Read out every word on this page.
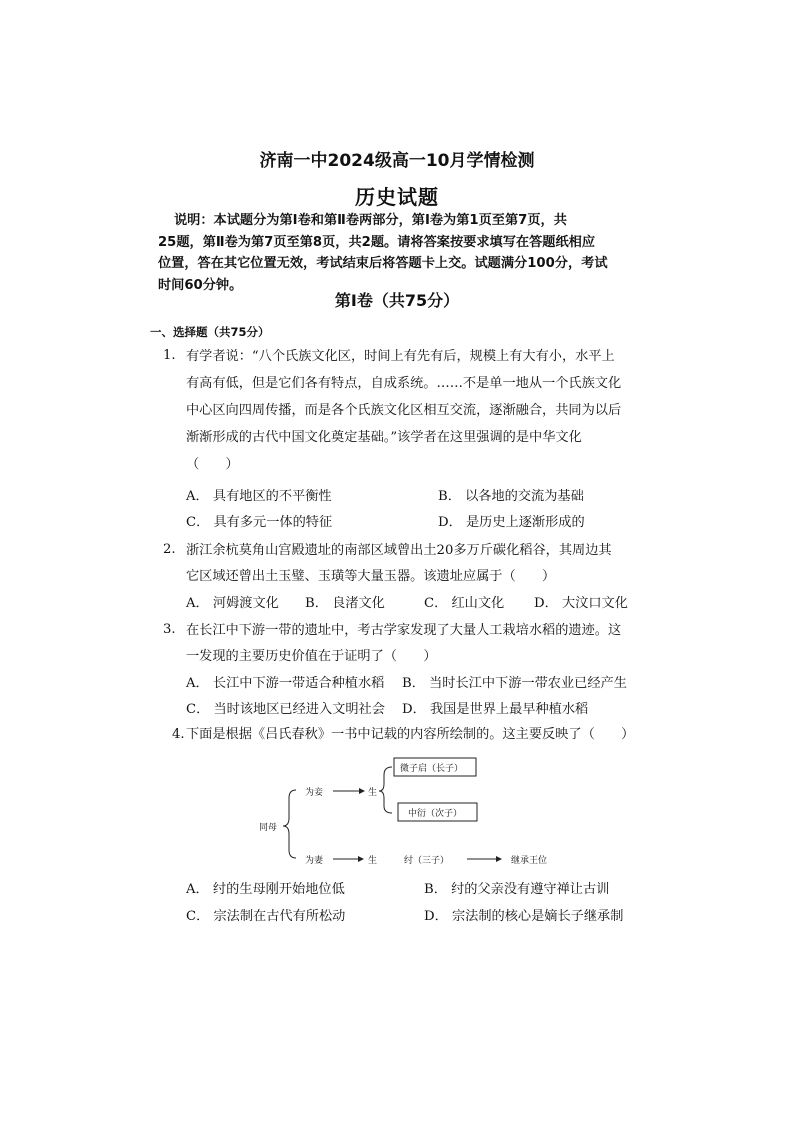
济南一中2024级高一10月学情检测
历史试题

说明：本试题分为第Ⅰ卷和第Ⅱ卷两部分，第Ⅰ卷为第1页至第7页，共

25题，第Ⅱ卷为第7页至第8页，共2题。请将答案按要求填写在答题纸相应

位置，答在其它位置无效，考试结束后将答题卡上交。试题满分100分，考试

时间60分钟。

第Ⅰ卷（共75分）
一、选择题（共75分）
1. 有学者说：“八个氏族文化区，时间上有先有后，规模上有大有小，水平上
有高有低，但是它们各有特点，自成系统。……不是单一地从一个氏族文化
中心区向四周传播，而是各个氏族文化区相互交流，逐渐融合，共同为以后
渐渐形成的古代中国文化奠定基础。”该学者在这里强调的是中华文化
（　　）
A． 具有地区的不平衡性	B． 以各地的交流为基础
C． 具有多元一体的特征	D． 是历史上逐渐形成的
2. 浙江余杭莫角山宫殿遗址的南部区域曾出土20多万斤碳化稻谷，其周边其
它区域还曾出土玉璧、玉璜等大量玉器。该遗址应属于（　　）
A． 河姆渡文化 B． 良渚文化	C． 红山文化 D． 大汶口文化
3. 在长江中下游一带的遗址中，考古学家发现了大量人工栽培水稻的遗迹。这
一发现的主要历史价值在于证明了（　　）
A． 长江中下游一带适合种植水稻 B． 当时长江中下游一带农业已经产生
C． 当时该地区已经进入文明社会 D． 我国是世界上最早种植水稻
4. 下面是根据《吕氏春秋》一书中记载的内容所绘制的。这主要反映了（　　）
同母
为妾	生
微子启（长子）
中衍（次子）
为妻	生	纣（三子）	继承王位
A． 纣的生母刚开始地位低	B． 纣的父亲没有遵守禅让古训
C． 宗法制在古代有所松动	D． 宗法制的核心是嫡长子继承制
